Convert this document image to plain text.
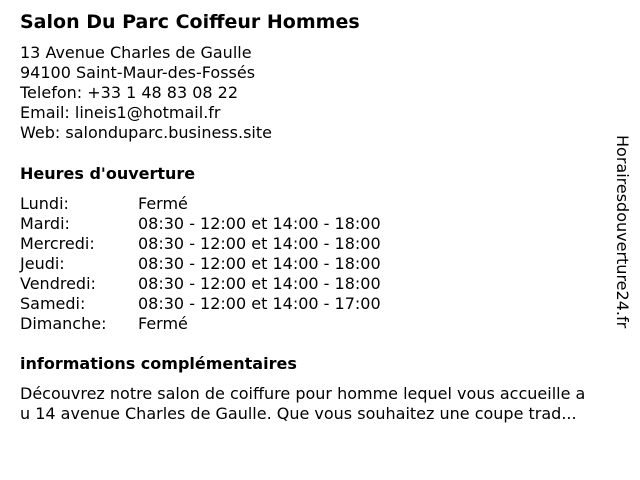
Salon Du Parc Coiffeur Hommes
13 Avenue Charles de Gaulle
94100 Saint-Maur-des-Fossés
Telefon: +33 1 48 83 08 22
Email: lineis1@hotmail.fr
Web: salonduparc.business.site
Heures d'ouverture
Lundi:	Fermé
Mardi:	08:30 - 12:00 et 14:00 - 18:00
Mercredi:	08:30 - 12:00 et 14:00 - 18:00
Jeudi:	08:30 - 12:00 et 14:00 - 18:00
Vendredi:	08:30 - 12:00 et 14:00 - 18:00
Samedi:	08:30 - 12:00 et 14:00 - 17:00
Dimanche:	Fermé
informations complémentaires
Découvrez notre salon de coiffure pour homme lequel vous accueille a
u 14 avenue Charles de Gaulle. Que vous souhaitez une coupe trad...
Horairesdouverture24.fr
